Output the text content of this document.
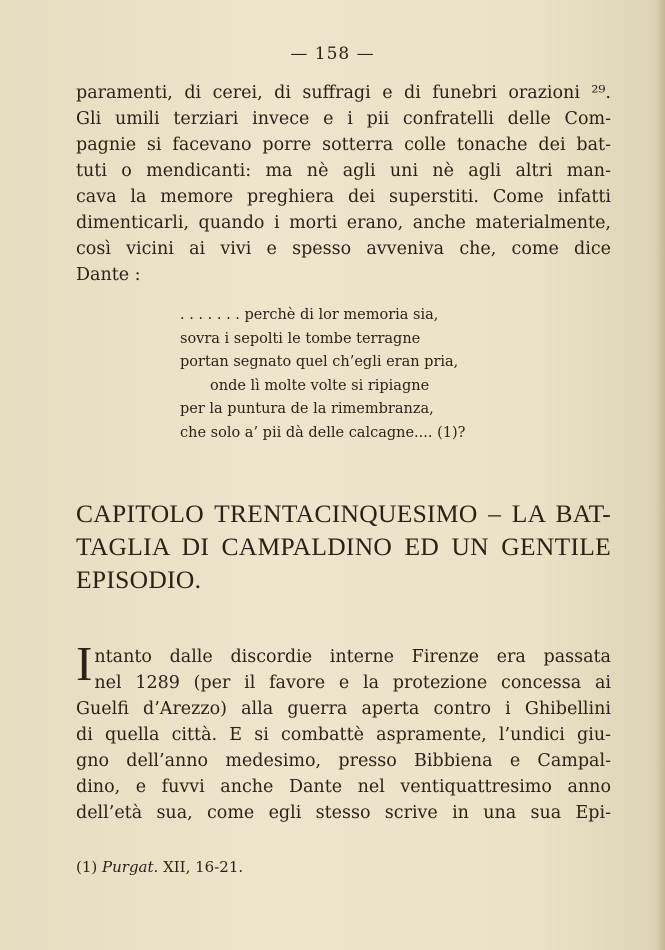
— 158 —
paramenti, di cerei, di suffragi e di funebri orazioni ²⁹.
Gli umili terziari invece e i pii confratelli delle Com-
pagnie si facevano porre sotterra colle tonache dei bat-
tuti o mendicanti: ma nè agli uni nè agli altri man-
cava la memore preghiera dei superstiti. Come infatti
dimenticarli, quando i morti erano, anche materialmente,
così vicini ai vivi e spesso avveniva che, come dice
Dante :
. . . . . . . perchè di lor memoria sia,
sovra i sepolti le tombe terragne
portan segnato quel ch’egli eran pria,
onde lì molte volte si ripiagne
per la puntura de la rimembranza,
che solo a’ pii dà delle calcagne.... (1)?
CAPITOLO TRENTACINQUESIMO – LA BAT-
TAGLIA DI CAMPALDINO ED UN GENTILE
EPISODIO.
I ntanto dalle discordie interne Firenze era passata
nel 1289 (per il favore e la protezione concessa ai
Guelfi d’Arezzo) alla guerra aperta contro i Ghibellini
di quella città. E si combattè aspramente, l’undici giu-
gno dell’anno medesimo, presso Bibbiena e Campal-
dino, e fuvvi anche Dante nel ventiquattresimo anno
dell’età sua, come egli stesso scrive in una sua Epi-
(1) Purgat. XII, 16-21.
